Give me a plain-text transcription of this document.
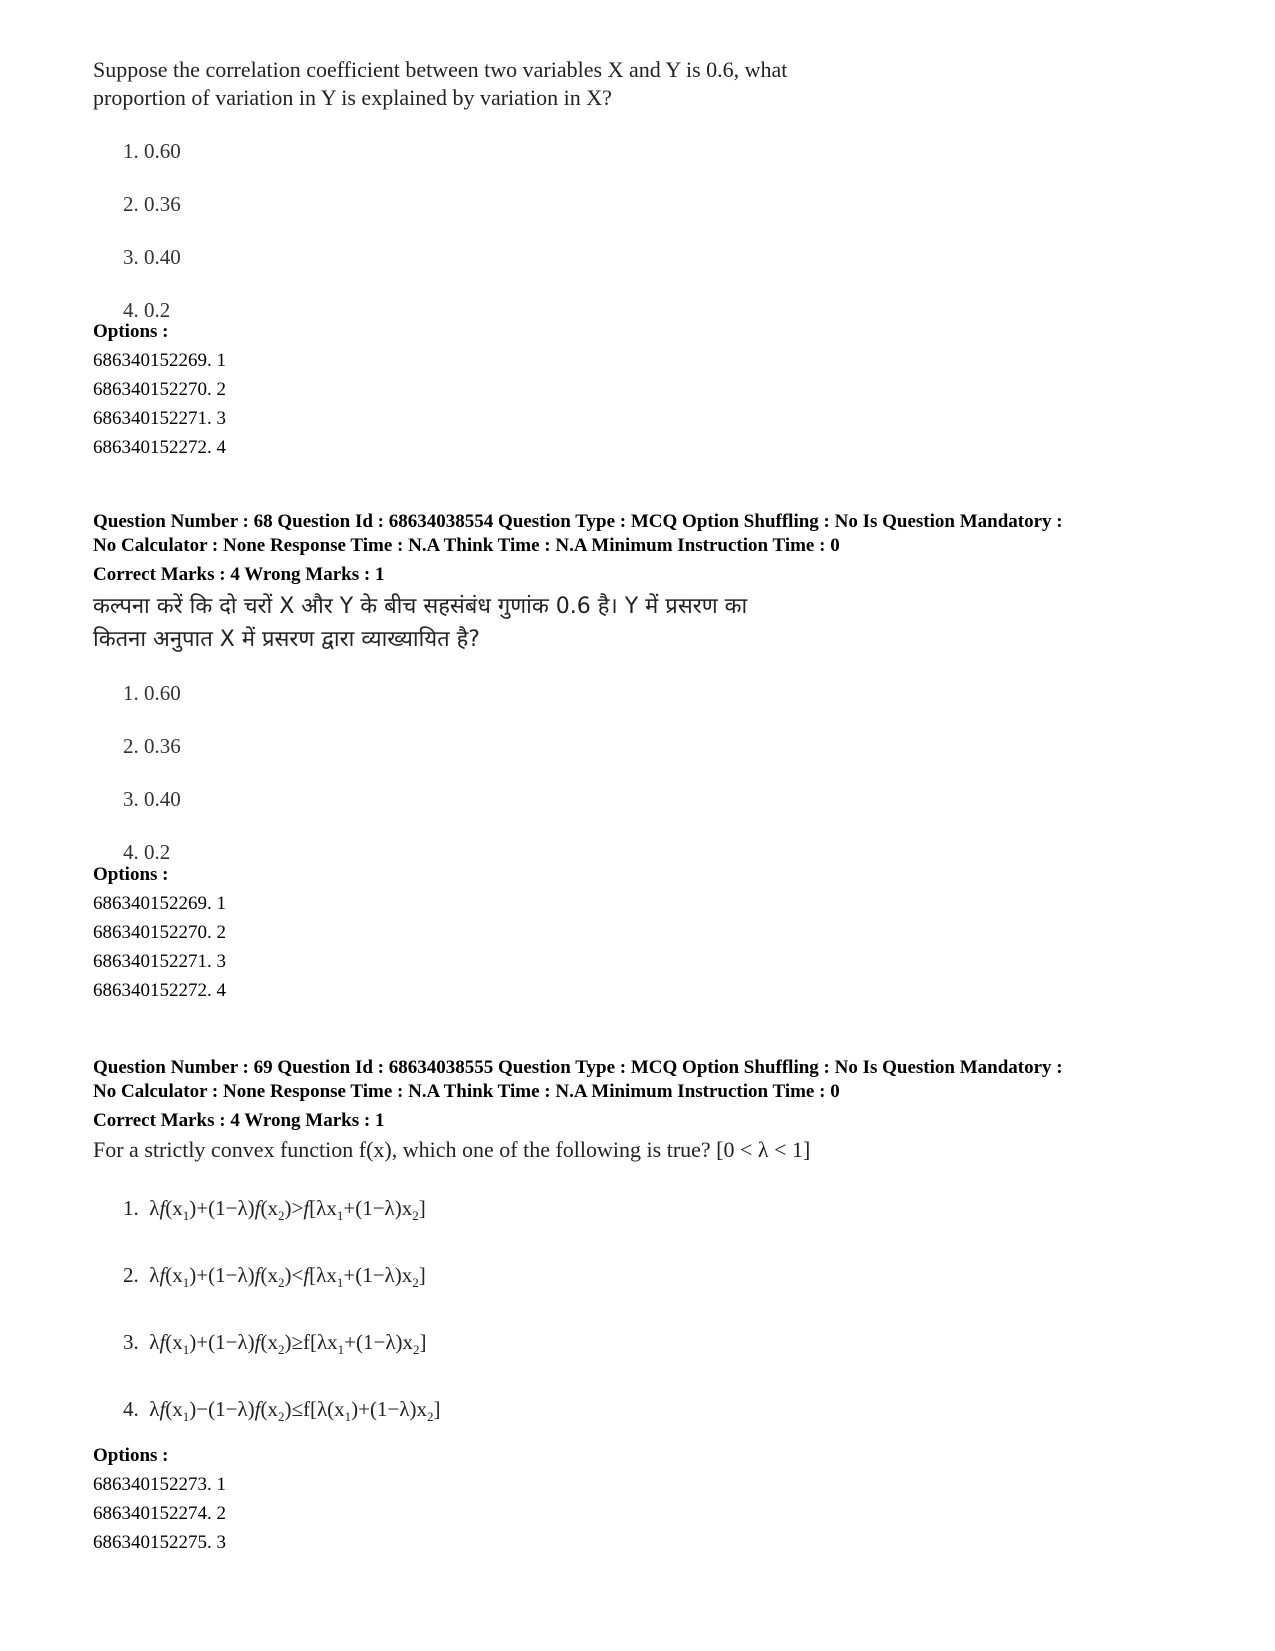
Suppose the correlation coefficient between two variables X and Y is 0.6, what
proportion of variation in Y is explained by variation in X?
1. 0.60
2. 0.36
3. 0.40
4. 0.2
Options :
686340152269. 1
686340152270. 2
686340152271. 3
686340152272. 4
Question Number : 68 Question Id : 68634038554 Question Type : MCQ Option Shuffling : No Is Question Mandatory :
No Calculator : None Response Time : N.A Think Time : N.A Minimum Instruction Time : 0
Correct Marks : 4 Wrong Marks : 1
कल्पना करें कि दो चरों X और Y के बीच सहसंबंध गुणांक 0.6 है। Y में प्रसरण का
कितना अनुपात X में प्रसरण द्वारा व्याख्यायित है?
1. 0.60
2. 0.36
3. 0.40
4. 0.2
Options :
686340152269. 1
686340152270. 2
686340152271. 3
686340152272. 4
Question Number : 69 Question Id : 68634038555 Question Type : MCQ Option Shuffling : No Is Question Mandatory :
No Calculator : None Response Time : N.A Think Time : N.A Minimum Instruction Time : 0
Correct Marks : 4 Wrong Marks : 1
For a strictly convex function f(x), which one of the following is true? [0 < λ < 1]
1.  $\lambda f(x_1)+(1-\lambda)f(x_2)>f[\lambda x_1+(1-\lambda)x_2]$
2.  $\lambda f(x_1)+(1-\lambda)f(x_2)<f[\lambda x_1+(1-\lambda)x_2]$
3.  $\lambda f(x_1)+(1-\lambda)f(x_2)\ge f[\lambda x_1+(1-\lambda)x_2]$
4.  $\lambda f(x_1)-(1-\lambda)f(x_2)\le f[\lambda(x_1)+(1-\lambda)x_2]$
Options :
686340152273. 1
686340152274. 2
686340152275. 3
